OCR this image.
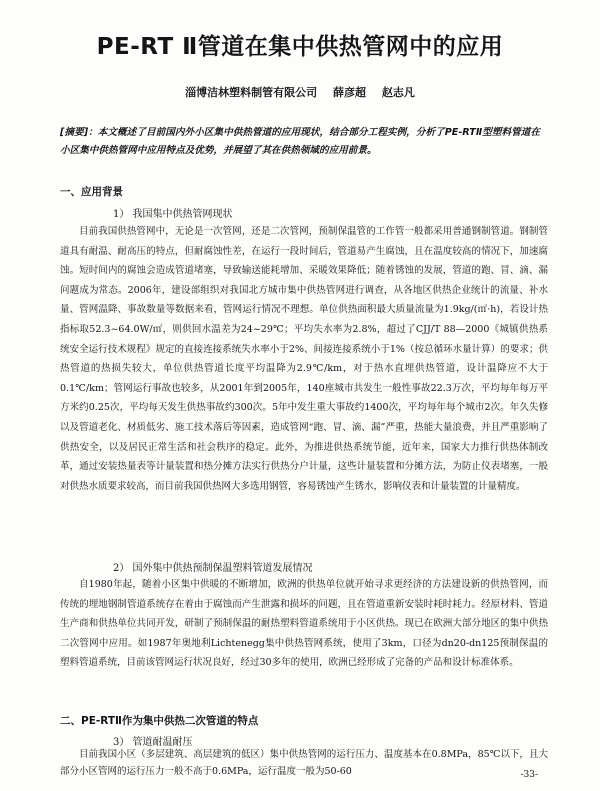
PE-RT Ⅱ管道在集中供热管网中的应用
淄博洁林塑料制管有限公司 薛彦超 赵志凡
[摘要]：本文概述了目前国内外小区集中供热管道的应用现状，结合部分工程实例，分析了PE-RTⅡ型塑料管道在小区集中供热管网中应用特点及优势，并展望了其在供热领域的应用前景。
一、应用背景
1） 我国集中供热管网现状
目前我国供热管网中，无论是一次管网，还是二次管网，预制保温管的工作管一般都采用普通钢制管道。钢制管道具有耐温、耐高压的特点，但耐腐蚀性差，在运行一段时间后，管道易产生腐蚀，且在温度较高的情况下，加速腐蚀。短时间内的腐蚀会造成管道堵塞，导致输送能耗增加、采暖效果降低；随着锈蚀的发展，管道的跑、冒、滴、漏问题成为常态。2006年，建设部组织对我国北方城市集中供热管网进行调查，从各地区供热企业统计的流量、补水量、管网温降、事故数量等数据来看，管网运行情况不理想。单位供热面积最大质量流量为1.9kg/(㎡·h)，若设计热指标取52.3~64.0W/㎡，则供回水温差为24~29℃；平均失水率为2.8%，超过了CJJ/T 88—2000《城镇供热系统安全运行技术规程》规定的直接连接系统失水率小于2%、间接连接系统小于1%（按总循环水量计算）的要求；供热管道的热损失较大，单位供热管道长度平均温降为2.9℃/km，对于热水直埋供热管道，设计温降应不大于0.1℃/km；管网运行事故也较多，从2001年到2005年，140座城市共发生一般性事故22.3万次，平均每年每万平方米约0.25次，平均每天发生供热事故约300次。5年中发生重大事故约1400次，平均每年每个城市2次。年久失修以及管道老化、材质低劣、施工技术落后等因素，造成管网“跑、冒、滴、漏”严重，热能大量浪费，并且严重影响了供热安全，以及居民正常生活和社会秩序的稳定。此外，为推进供热系统节能，近年来，国家大力推行供热体制改革，通过安装热量表等计量装置和热分摊方法实行供热分户计量，这些计量装置和分摊方法，为防止仪表堵塞，一般对供热水质要求较高，而目前我国供热网大多选用钢管，容易锈蚀产生锈水，影响仪表和计量装置的计量精度。
2） 国外集中供热预制保温塑料管道发展情况
自1980年起，随着小区集中供暖的不断增加，欧洲的供热单位就开始寻求更经济的方法建设新的供热管网，而传统的埋地钢制管道系统存在着由于腐蚀而产生泄露和损坏的问题，且在管道重新安装时耗时耗力。经原材料、管道生产商和供热单位共同开发，研制了预制保温的耐热塑料管道系统用于小区供热。现已在欧洲大部分地区的集中供热二次管网中应用。如1987年奥地利Lichtenegg集中供热管网系统，使用了3km，口径为dn20-dn125预制保温的塑料管道系统，目前该管网运行状况良好，经过30多年的使用，欧洲已经形成了完备的产品和设计标准体系。
二、PE-RTⅡ作为集中供热二次管道的特点
3） 管道耐温耐压
目前我国小区（多层建筑、高层建筑的低区）集中供热管网的运行压力、温度基本在0.8MPa，85℃以下，且大部分小区管网的运行压力一般不高于0.6MPa，运行温度一般为50-60	-33-
